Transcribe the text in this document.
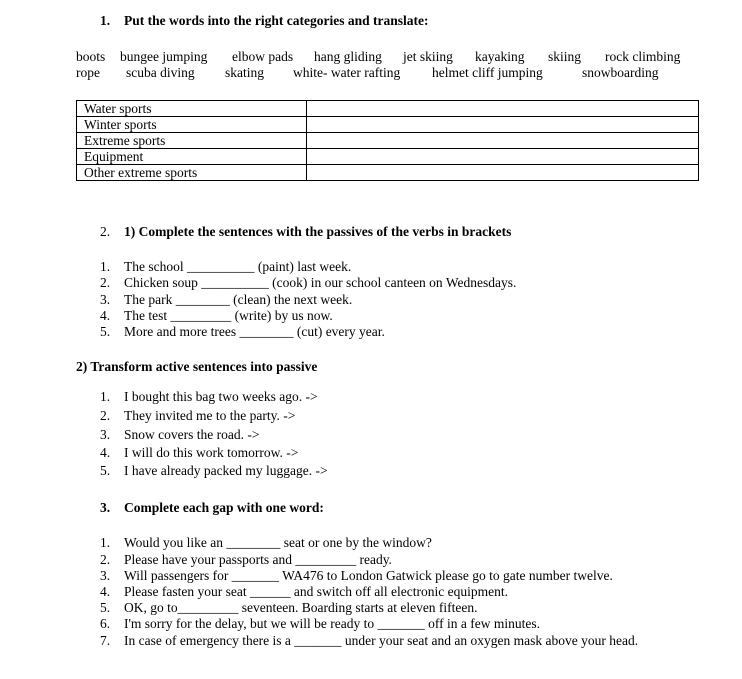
1. Put the words into the right categories and translate:
boots bungee jumping elbow pads hang gliding jet skiing kayaking skiing rock climbing
rope scuba diving skating white- water rafting helmet cliff jumping	snowboarding
Water sports	
Winter sports	
Extreme sports	
Equipment	
Other extreme sports	
2. 1) Complete the sentences with the passives of the verbs in brackets
1. The school __________ (paint) last week.
2. Chicken soup __________ (cook) in our school canteen on Wednesdays.
3. The park ________ (clean) the next week.
4. The test _________ (write) by us now.
5. More and more trees ________ (cut) every year.
2) Transform active sentences into passive
1. I bought this bag two weeks ago. ->
2. They invited me to the party. ->
3. Snow covers the road. ->
4. I will do this work tomorrow. ->
5. I have already packed my luggage. ->
3. Complete each gap with one word:
1. Would you like an ________ seat or one by the window?
2. Please have your passports and _________ ready.
3. Will passengers for _______ WA476 to London Gatwick please go to gate number twelve.
4. Please fasten your seat ______ and switch off all electronic equipment.
5. OK, go to_________ seventeen. Boarding starts at eleven fifteen.
6. I'm sorry for the delay, but we will be ready to _______ off in a few minutes.
7. In case of emergency there is a _______ under your seat and an oxygen mask above your head.
